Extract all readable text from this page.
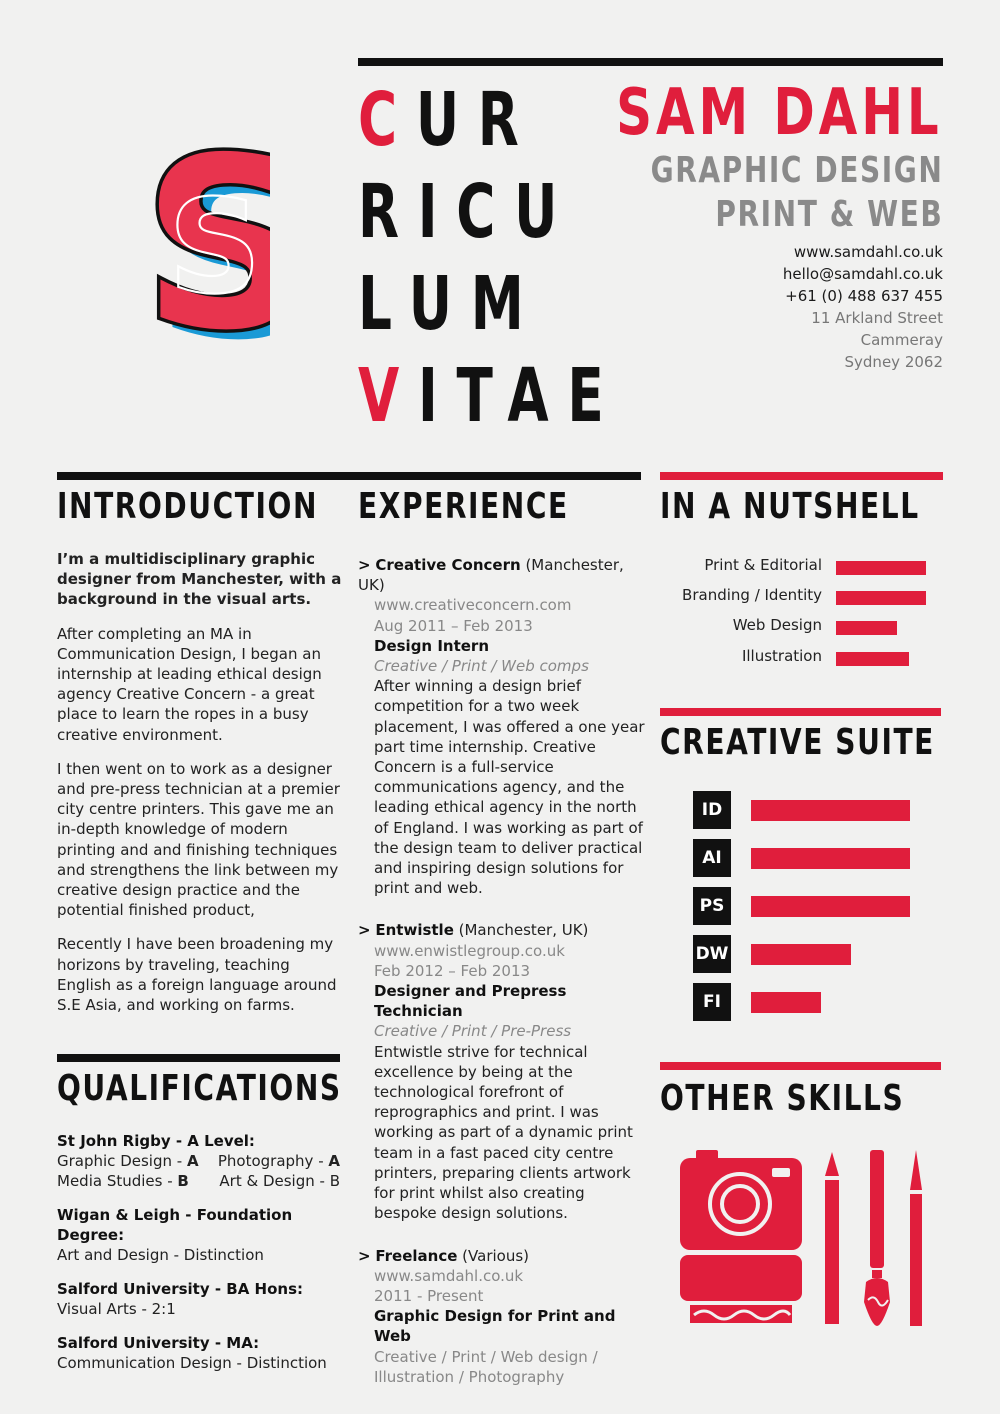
S
S
S
CUR
RICU
LUM
VITAE
SAM DAHL
GRAPHIC DESIGN
PRINT & WEB
www.samdahl.co.uk
hello@samdahl.co.uk
+61 (0) 488 637 455
11 Arkland Street
Cammeray
Sydney 2062
INTRODUCTION

I’m a multidisciplinary graphic designer from Manchester, with a background in the visual arts.

After completing an MA in Communication Design, I began an internship at leading ethical design agency Creative Concern - a great place to learn the ropes in a busy creative environment.

I then went on to work as a designer and pre-press technician at a premier city centre printers. This gave me an in-depth knowledge of modern printing and and finishing techniques and strengthens the link between my creative design practice and the potential finished product,

Recently I have been broadening my horizons by traveling, teaching English as a foreign language around S.E Asia, and working on farms.

QUALIFICATIONS
St John Rigby - A Level:
Graphic Design - A Photography - A
Media Studies - B Art & Design - B
Wigan & Leigh - Foundation Degree:
Art and Design - Distinction
Salford University - BA Hons:
Visual Arts - 2:1
Salford University - MA:
Communication Design - Distinction
EXPERIENCE
> Creative Concern (Manchester, UK)
www.creativeconcern.com
Aug 2011 – Feb 2013
Design Intern
Creative / Print / Web comps
After winning a design brief competition for a two week placement, I was offered a one year part time internship. Creative Concern is a full-service communications agency, and the leading ethical agency in the north of England. I was working as part of the design team to deliver practical and inspiring design solutions for print and web.
> Entwistle (Manchester, UK)
www.enwistlegroup.co.uk
Feb 2012 – Feb 2013
Designer and Prepress Technician
Creative / Print / Pre-Press
Entwistle strive for technical excellence by being at the technological forefront of reprographics and print. I was working as part of a dynamic print team in a fast paced city centre printers, preparing clients artwork for print whilst also creating bespoke design solutions.
> Freelance (Various)
www.samdahl.co.uk
2011 - Present
Graphic Design for Print and Web
Creative / Print / Web design / Illustration / Photography
IN A NUTSHELL
Print & Editorial
Branding / Identity
Web Design
Illustration
CREATIVE SUITE
ID
AI
PS
DW
FI
OTHER SKILLS
